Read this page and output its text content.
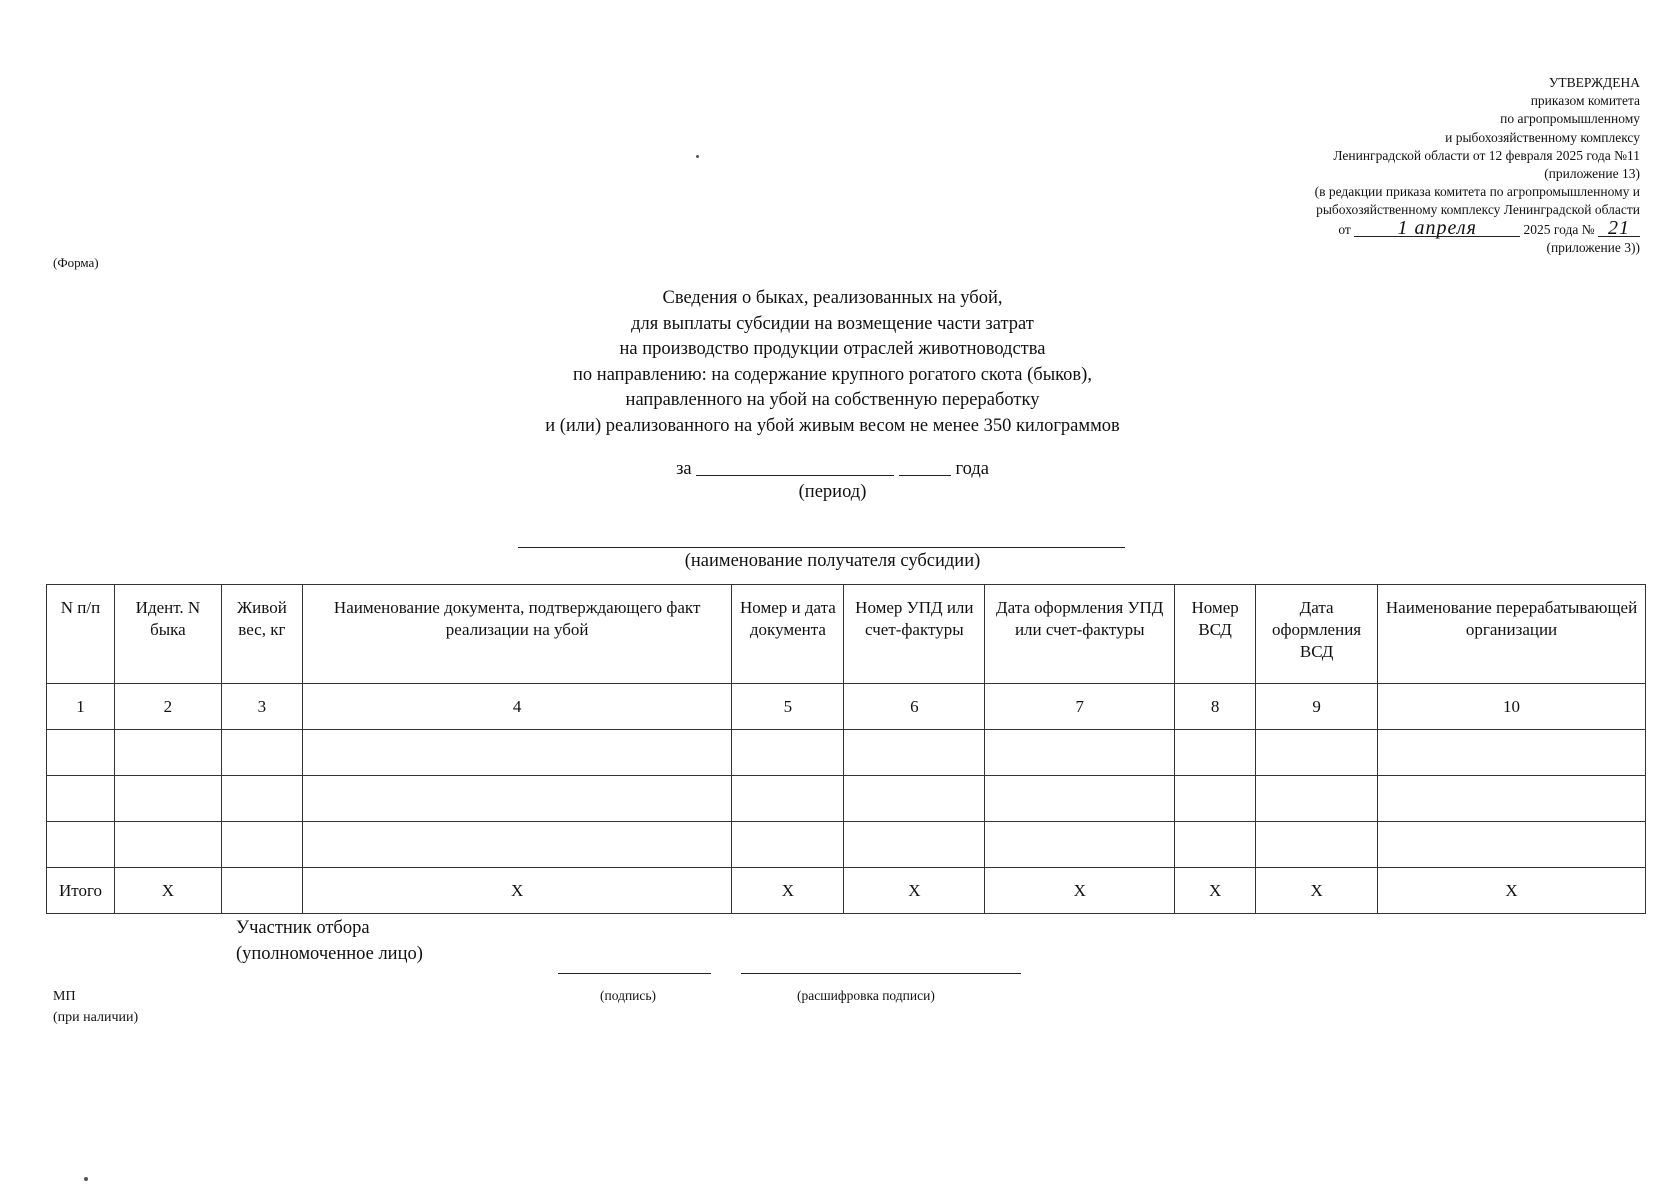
УТВЕРЖДЕНА
приказом комитета
по агропромышленному
и рыбохозяйственному комплексу
Ленинградской области от 12 февраля 2025 года №11
(приложение 13)
(в редакции приказа комитета по агропромышленному и
рыбохозяйственному комплексу Ленинградской области
от 1 апреля	2025 года № 21
(приложение 3))
(Форма)
Сведения о быках, реализованных на убой,
для выплаты субсидии на возмещение части затрат
на производство продукции отраслей животноводства
по направлению: на содержание крупного рогатого скота (быков),
направленного на убой на собственную переработку
и (или) реализованного на убой живым весом не менее 350 килограммов
за	года
(период)
(наименование получателя субсидии)
N п/п	Идент. N быка	Живой вес, кг	Наименование документа, подтверждающего факт реализации на убой	Номер и дата документа	Номер УПД или счет-фактуры	Дата оформления УПД или счет-фактуры	Номер ВСД	Дата оформления ВСД	Наименование перерабатывающей организации
1	2	3	4	5	6	7	8	9	10

Итого	Х		Х	Х	Х	Х	Х	Х	Х
Участник отбора
(уполномоченное лицо)
(подпись)	(расшифровка подписи)
МП
(при наличии)
